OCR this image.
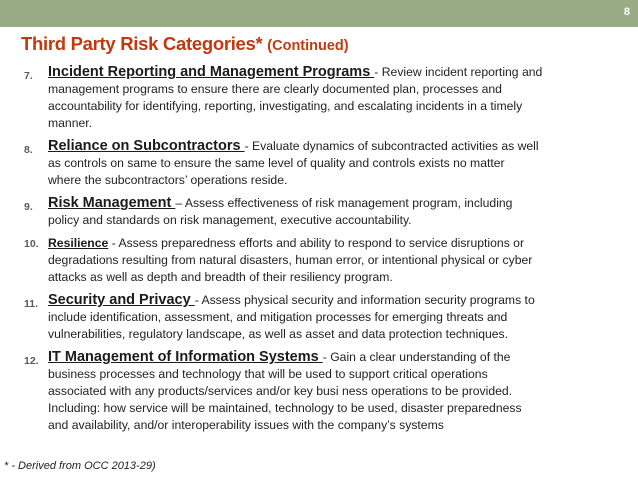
8
Third Party Risk Categories* (Continued)
7. Incident Reporting and Management Programs - Review incident reporting and
management programs to ensure there are clearly documented plan, processes and
accountability for identifying, reporting, investigating, and escalating incidents in a timely
manner.
8. Reliance on Subcontractors - Evaluate dynamics of subcontracted activities as well
as controls on same to ensure the same level of quality and controls exists no matter
where the subcontractors’ operations reside.
9. Risk Management – Assess effectiveness of risk management program, including
policy and standards on risk management, executive accountability.
10. Resilience - Assess preparedness efforts and ability to respond to service disruptions or
degradations resulting from natural disasters, human error, or intentional physical or cyber
attacks as well as depth and breadth of their resiliency program.
11. Security and Privacy - Assess physical security and information security programs to
include identification, assessment, and mitigation processes for emerging threats and
vulnerabilities, regulatory landscape, as well as asset and data protection techniques.
12. IT Management of Information Systems - Gain a clear understanding of the
business processes and technology that will be used to support critical operations
associated with any products/services and/or key busi ness operations to be provided.
Including: how service will be maintained, technology to be used, disaster preparedness
and availability, and/or interoperability issues with the company’s systems
* - Derived from OCC 2013-29)
